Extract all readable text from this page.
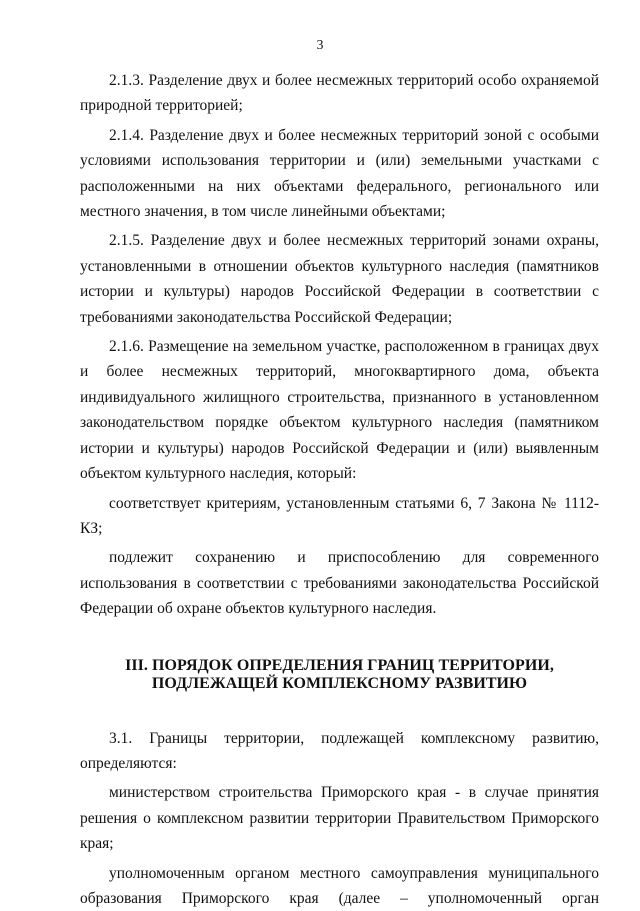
3

2.1.3. Разделение двух и более несмежных территорий особо охраняемой природной территорией;

2.1.4. Разделение двух и более несмежных территорий зоной с особыми условиями использования территории и (или) земельными участками с расположенными на них объектами федерального, регионального или местного значения, в том числе линейными объектами;

2.1.5. Разделение двух и более несмежных территорий зонами охраны, установленными в отношении объектов культурного наследия (памятников истории и культуры) народов Российской Федерации в соответствии с требованиями законодательства Российской Федерации;

2.1.6. Размещение на земельном участке, расположенном в границах двух и более несмежных территорий, многоквартирного дома, объекта индивидуального жилищного строительства, признанного в установленном законодательством порядке объектом культурного наследия (памятником истории и культуры) народов Российской Федерации и (или) выявленным объектом культурного наследия, который:

соответствует критериям, установленным статьями 6, 7 Закона № 1112-КЗ;

подлежит сохранению и приспособлению для современного использования в соответствии с требованиями законодательства Российской Федерации об охране объектов культурного наследия.

III. ПОРЯДОК ОПРЕДЕЛЕНИЯ ГРАНИЦ ТЕРРИТОРИИ,
ПОДЛЕЖАЩЕЙ КОМПЛЕКСНОМУ РАЗВИТИЮ

3.1. Границы территории, подлежащей комплексному развитию, определяются:

министерством строительства Приморского края - в случае принятия решения о комплексном развитии территории Правительством Приморского края;

уполномоченным органом местного самоуправления муниципального образования Приморского края (далее – уполномоченный орган
